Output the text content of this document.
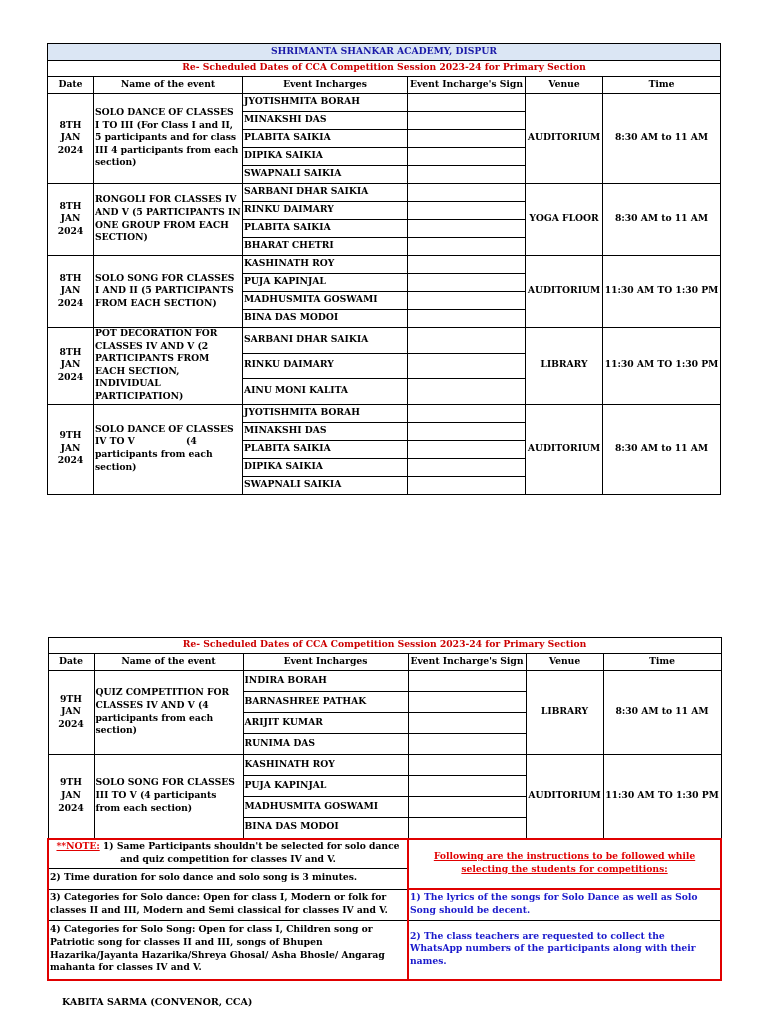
SHRIMANTA SHANKAR ACADEMY, DISPUR					
Re- Scheduled Dates of CCA Competition Session 2023-24 for Primary Section					
Date	Name of the event	Event Incharges	Event Incharge's Sign	Venue	Time
8TH
JAN
2024	SOLO DANCE OF CLASSES I TO III (For Class I and II, 5 participants and for class III 4 participants from each section)	JYOTISHMITA BORAH		AUDITORIUM	8:30 AM to 11 AM
		MINAKSHI DAS			
		PLABITA SAIKIA			
		DIPIKA SAIKIA			
		SWAPNALI SAIKIA			
8TH
JAN
2024	RONGOLI FOR CLASSES IV AND V (5 PARTICIPANTS IN ONE GROUP FROM EACH SECTION)	SARBANI DHAR SAIKIA		YOGA FLOOR	8:30 AM to 11 AM
		RINKU DAIMARY			
		PLABITA SAIKIA			
		BHARAT CHETRI			
8TH
JAN
2024	SOLO SONG FOR CLASSES I AND II (5 PARTICIPANTS FROM EACH SECTION)	KASHINATH ROY		AUDITORIUM	11:30 AM TO 1:30 PM
		PUJA KAPINJAL			
		MADHUSMITA GOSWAMI			
		BINA DAS MODOI			
8TH
JAN
2024	POT DECORATION FOR CLASSES IV AND V (2 PARTICIPANTS FROM EACH SECTION, INDIVIDUAL PARTICIPATION)	SARBANI DHAR SAIKIA		LIBRARY	11:30 AM TO 1:30 PM
		RINKU DAIMARY			
		AINU MONI KALITA			
9TH
JAN
2024	SOLO DANCE OF CLASSES IV TO V                (4 participants from each section)	JYOTISHMITA BORAH		AUDITORIUM	8:30 AM to 11 AM
		MINAKSHI DAS			
		PLABITA SAIKIA			
		DIPIKA SAIKIA			
		SWAPNALI SAIKIA			
Re- Scheduled Dates of CCA Competition Session 2023-24 for Primary Section					
Date	Name of the event	Event Incharges	Event Incharge's Sign	Venue	Time
9TH
JAN
2024	QUIZ COMPETITION FOR CLASSES IV AND V (4 participants from each section)	INDIRA BORAH		LIBRARY	8:30 AM to 11 AM
		BARNASHREE PATHAK			
		ARIJIT KUMAR			
		RUNIMA DAS			
9TH
JAN
2024	SOLO SONG FOR CLASSES III TO V (4 participants from each section)	KASHINATH ROY		AUDITORIUM	11:30 AM TO 1:30 PM
		PUJA KAPINJAL			
		MADHUSMITA GOSWAMI			
		BINA DAS MODOI			
**NOTE: 1) Same Participants shouldn't be selected for solo dance and quiz competition for classes IV and V.			Following are the instructions to be followed while selecting the students for competitions:		
2) Time duration for solo dance and solo song is 3 minutes.					
3) Categories for Solo dance: Open for class I, Modern or folk for classes II and III, Modern and Semi classical for classes IV and V.			1) The lyrics of the songs for Solo Dance as well as Solo Song should be decent.		
4) Categories for Solo Song: Open for class I, Children song or Patriotic song for classes II and III, songs of Bhupen Hazarika/Jayanta Hazarika/Shreya Ghosal/ Asha Bhosle/ Angarag mahanta for classes IV and V.			2) The class teachers are requested to collect the WhatsApp numbers of the participants along with their names.		
KABITA SARMA (CONVENOR, CCA)
